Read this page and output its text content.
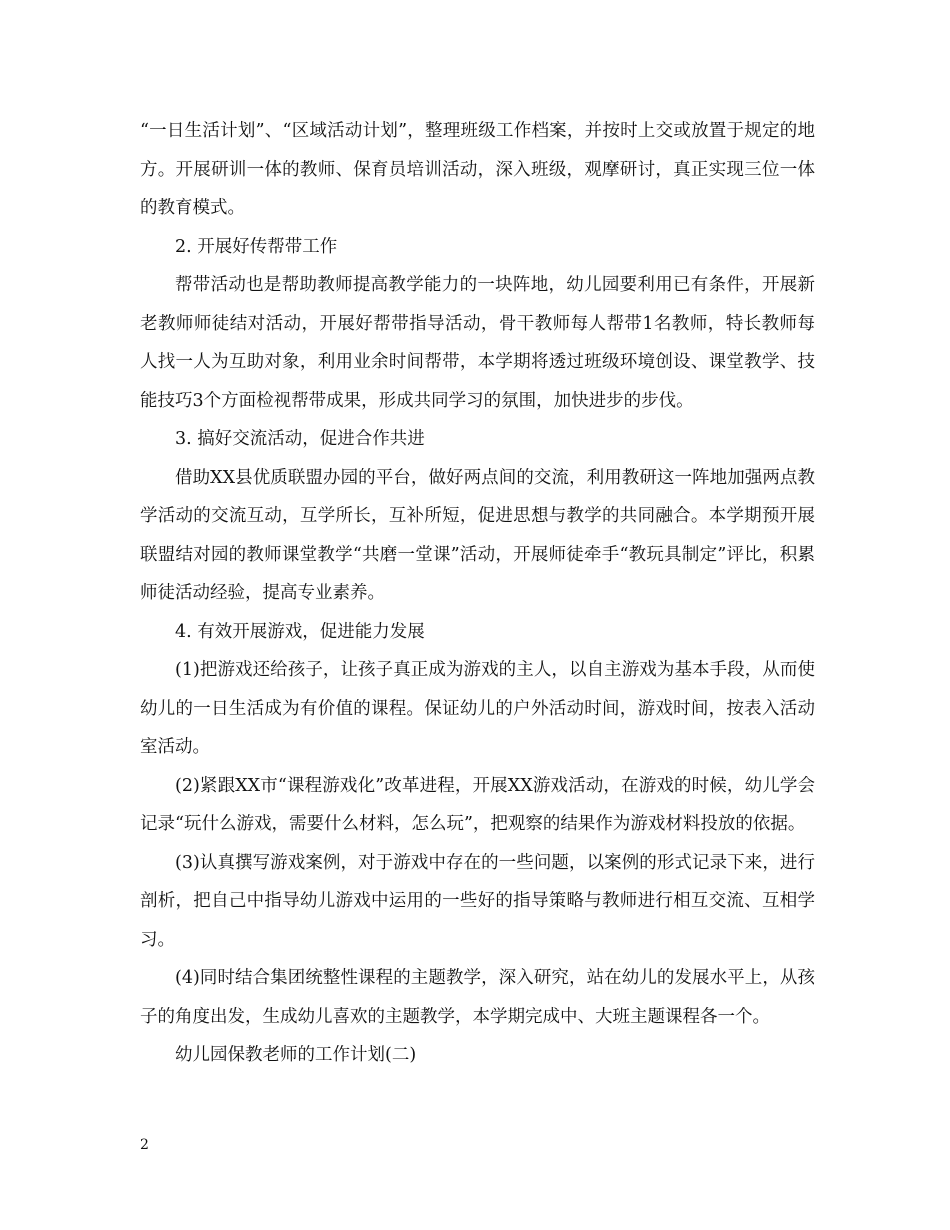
“一日生活计划”、“区域活动计划”，整理班级工作档案，并按时上交或放置于规定的地方。开展研训一体的教师、保育员培训活动，深入班级，观摩研讨，真正实现三位一体的教育模式。

2. 开展好传帮带工作

帮带活动也是帮助教师提高教学能力的一块阵地，幼儿园要利用已有条件，开展新老教师师徒结对活动，开展好帮带指导活动，骨干教师每人帮带1名教师，特长教师每人找一人为互助对象，利用业余时间帮带，本学期将透过班级环境创设、课堂教学、技能技巧3个方面检视帮带成果，形成共同学习的氛围，加快进步的步伐。

3. 搞好交流活动，促进合作共进

借助XX县优质联盟办园的平台，做好两点间的交流，利用教研这一阵地加强两点教学活动的交流互动，互学所长，互补所短，促进思想与教学的共同融合。本学期预开展联盟结对园的教师课堂教学“共磨一堂课”活动，开展师徒牵手“教玩具制定”评比，积累师徒活动经验，提高专业素养。

4. 有效开展游戏，促进能力发展

(1)把游戏还给孩子，让孩子真正成为游戏的主人，以自主游戏为基本手段，从而使幼儿的一日生活成为有价值的课程。保证幼儿的户外活动时间，游戏时间，按表入活动室活动。

(2)紧跟XX市“课程游戏化”改革进程，开展XX游戏活动，在游戏的时候，幼儿学会记录“玩什么游戏，需要什么材料，怎么玩”，把观察的结果作为游戏材料投放的依据。

(3)认真撰写游戏案例，对于游戏中存在的一些问题，以案例的形式记录下来，进行剖析，把自己中指导幼儿游戏中运用的一些好的指导策略与教师进行相互交流、互相学习。

(4)同时结合集团统整性课程的主题教学，深入研究，站在幼儿的发展水平上，从孩子的角度出发，生成幼儿喜欢的主题教学，本学期完成中、大班主题课程各一个。

幼儿园保教老师的工作计划(二)

2
